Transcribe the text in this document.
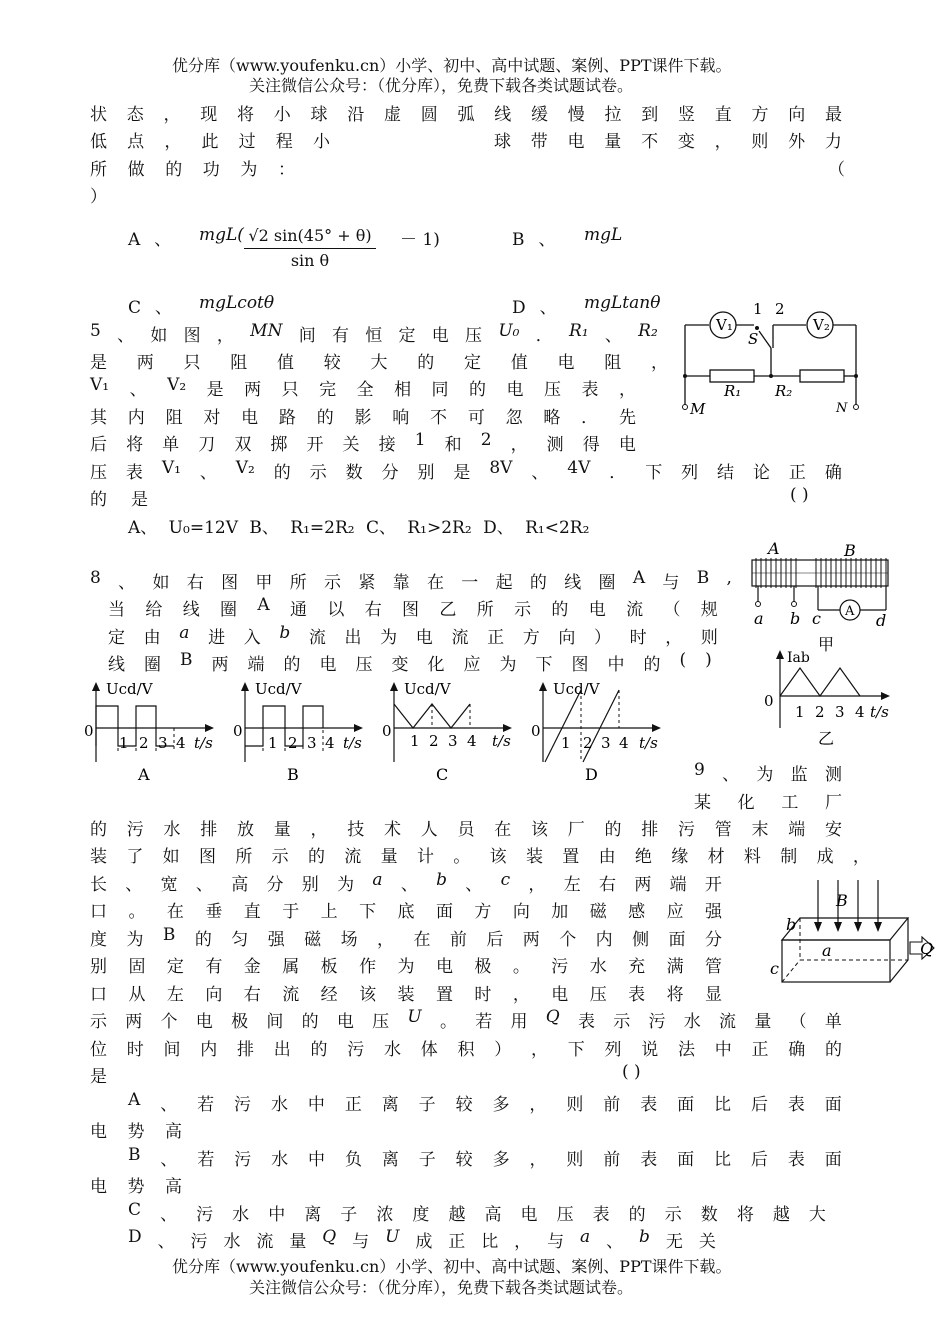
优分库（www.youfenku.cn）小学、初中、高中试题、案例、PPT课件下载。
关注微信公众号：（优分库），免费下载各类试题试卷。
状 态 ， 现 将 小 球 沿 虚 圆 弧 线 缓 慢 拉 到 竖 直 方 向 最
低 点 ， 此 过 程 小	球 带 电 量 不 变 ， 则 外 力
所 做 的 功 为 ：	（
）
A、 $mgL( \frac{√2 \sin(45^\circ + \theta)}{\text{sin θ}} - 1)$	B、 mgL
C、 mgLcotθ	D、 mgLtanθ
5 、 如 图 ， MN 间 有 恒 定 电 压 U₀ ． R₁ 、 R₂
是 两 只 阻 值 较 大 的 定 值 电 阻 ，
V₁ 、 V₂ 是 两 只 完 全 相 同 的 电 压 表 ，
其 内 阻 对 电 路 的 影 响 不 可 忽 略 ． 先
后 将 单 刀 双 掷 开 关 接 1 和 2 ， 测 得 电
压 表 V₁ 、 V₂ 的 示 数 分 别 是 8V 、 4V ． 下 列 结 论 正 确
的 是	( )
A、 U₀=12V B、 R₁=2R₂ C、 R₁>2R₂ D、 R₁<2R₂
V₁	V₂
1 2
S
R₁ R₂
M	N
8 、 如 右 图 甲 所 示 紧 靠 在 一 起 的 线 圈 A 与 B ,
当 给 线 圈 A 通 以 右 图 乙 所 示 的 电 流 （ 规
定 由 a 进 入 b 流 出 为 电 流 正 方 向 ） 时 ， 则
线 圈 B 两 端 的 电 压 变 化 应 为 下 图 中 的 ( )
A	B
a b c	d
A
甲
Iab
0
1 2 3 4 t/s
乙
Ucd/V
0
1 2 3 4 t/s
A
Ucd/V
0
1 2 3 4 t/s
B
Ucd/V
0
1 2 3 4 t/s
C
Ucd/V
0
1 2 3 4 t/s
D	9 、 为 监 测
某 化 工 厂
的 污 水 排 放 量 ， 技 术 人 员 在 该 厂 的 排 污 管 末 端 安
装 了 如 图 所 示 的 流 量 计 。 该 装 置 由 绝 缘 材 料 制 成 ，
长 、 宽 、 高 分 别 为 a 、 b 、 c ， 左 右 两 端 开
口 。 在 垂 直 于 上 下 底 面 方 向 加 磁 感 应 强
度 为 B 的 匀 强 磁 场 ， 在 前 后 两 个 内 侧 面 分
别 固 定 有 金 属 板 作 为 电 极 。 污 水 充 满 管
口 从 左 向 右 流 经 该 装 置 时 ， 电 压 表 将 显
示 两 个 电 极 间 的 电 压 U 。 若 用 Q 表 示 污 水 流 量 （ 单
位 时 间 内 排 出 的 污 水 体 积 ） ， 下 列 说 法 中 正 确 的
是	( )
A 、 若 污 水 中 正 离 子 较 多 ， 则 前 表 面 比 后 表 面
电 势 高
B 、 若 污 水 中 负 离 子 较 多 ， 则 前 表 面 比 后 表 面
电 势 高
C 、 污 水 中 离 子 浓 度 越 高 电 压 表 的 示 数 将 越 大
D 、 污 水 流 量 Q 与 U 成 正 比 ， 与 a 、 b 无 关
B
a
b
c
Q
优分库（www.youfenku.cn）小学、初中、高中试题、案例、PPT课件下载。
关注微信公众号：（优分库），免费下载各类试题试卷。
